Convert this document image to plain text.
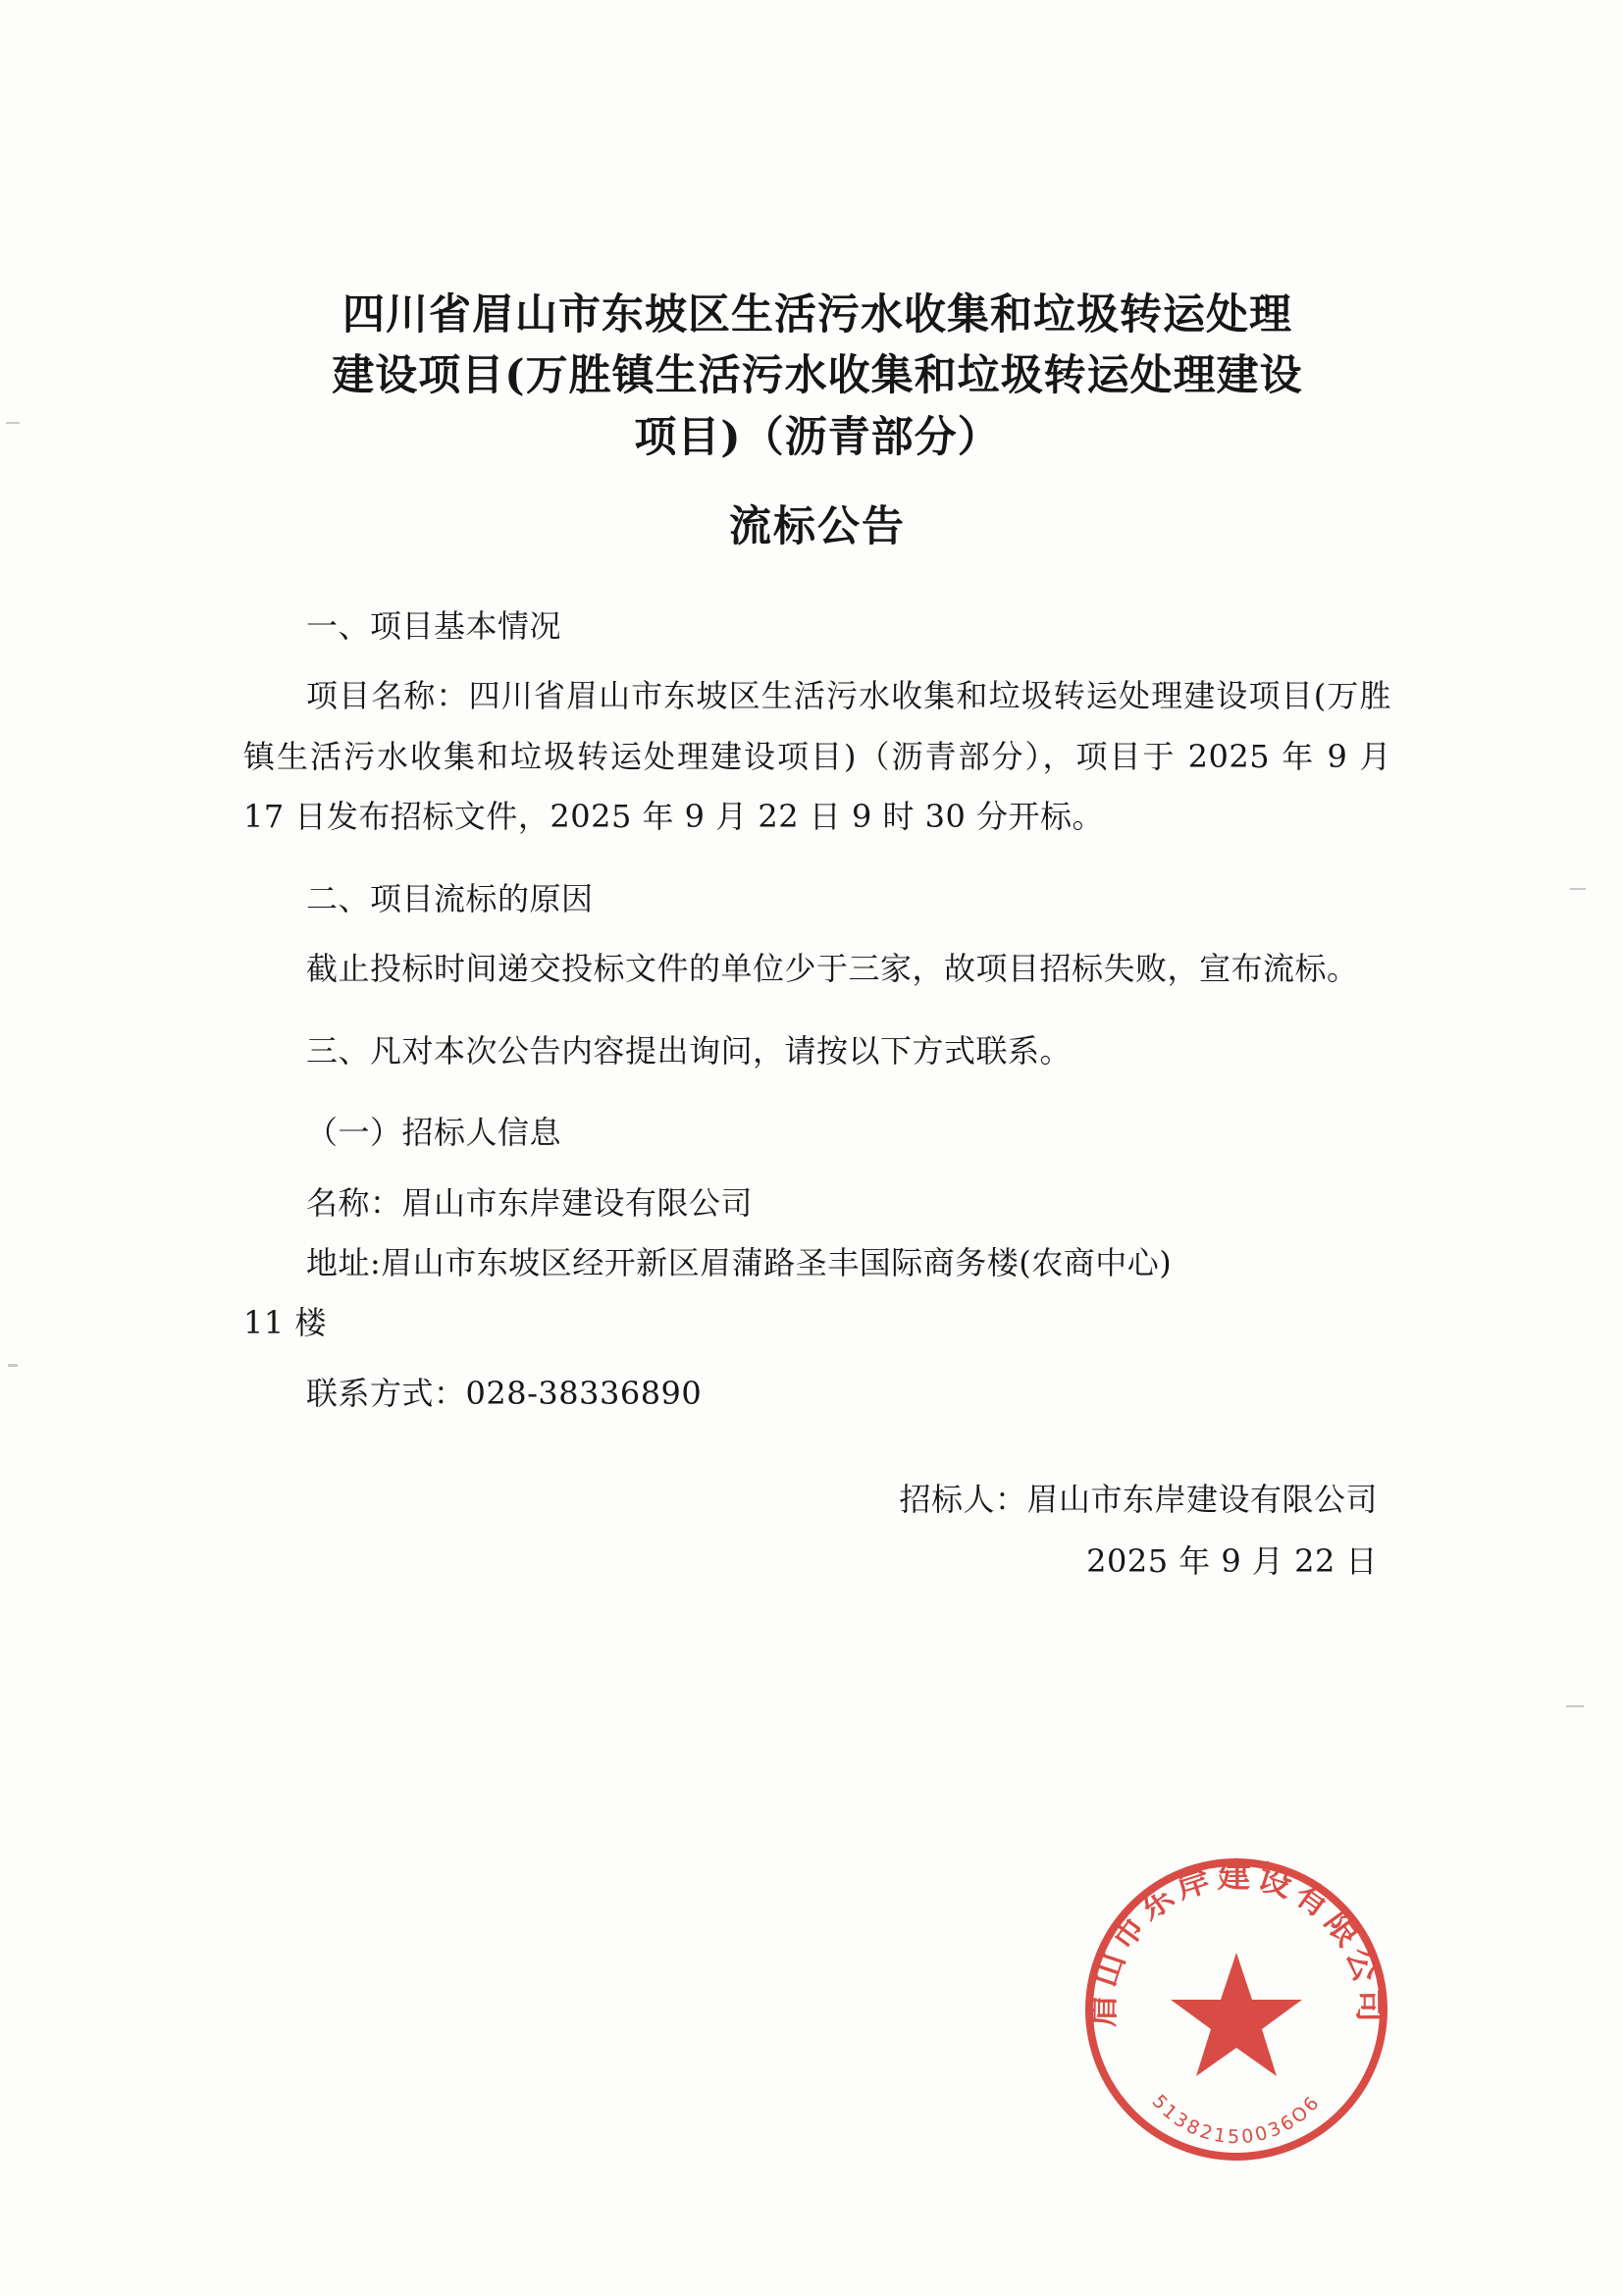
四川省眉山市东坡区生活污水收集和垃圾转运处理
建设项目(万胜镇生活污水收集和垃圾转运处理建设
项目)（沥青部分）
流标公告

一、项目基本情况

项目名称：四川省眉山市东坡区生活污水收集和垃圾转运处理建设项目(万胜镇生活污水收集和垃圾转运处理建设项目)（沥青部分），项目于 2025 年 9 月 17 日发布招标文件，2025 年 9 月 22 日 9 时 30 分开标。

二、项目流标的原因

截止投标时间递交投标文件的单位少于三家，故项目招标失败，宣布流标。

三、凡对本次公告内容提出询问，请按以下方式联系。

（一）招标人信息

名称：眉山市东岸建设有限公司

地址:眉山市东坡区经开新区眉蒲路圣丰国际商务楼(农商中心)

11 楼

联系方式：028-38336890

招标人：眉山市东岸建设有限公司
2025 年 9 月 22 日
眉山市东岸建设有限公司
51382150036O6
